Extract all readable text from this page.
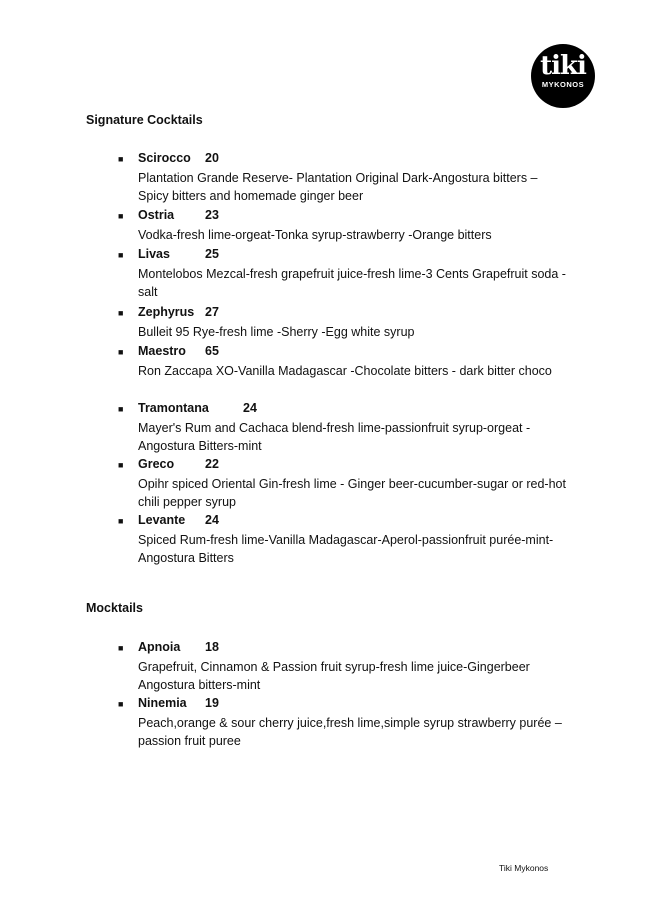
tiki
MYKONOS
Signature Cocktails
■ Scirocco 20
Plantation Grande Reserve- Plantation Original Dark-Angostura bitters –Spicy bitters and homemade ginger beer
■ Ostria 23
Vodka-fresh lime-orgeat-Tonka syrup-strawberry -Orange bitters
■ Livas	25
Montelobos Mezcal-fresh grapefruit juice-fresh lime-3 Cents Grapefruit soda -salt
■ Zephyrus 27
Bulleit 95 Rye-fresh lime -Sherry -Egg white syrup
■ Maestro 65
Ron Zaccapa XO-Vanilla Madagascar -Chocolate bitters - dark bitter choco
■ Tramontana	24
Mayer's Rum and Cachaca blend-fresh lime-passionfruit syrup-orgeat - Angostura Bitters-mint
■ Greco 22
Opihr spiced Oriental Gin-fresh lime - Ginger beer-cucumber-sugar or red-hot chili pepper syrup
■ Levante 24
Spiced Rum-fresh lime-Vanilla Madagascar-Aperol-passionfruit purée-mint-Angostura Bitters
Mocktails
■ Apnoia 18
Grapefruit, Cinnamon & Passion fruit syrup-fresh lime juice-Gingerbeer Angostura bitters-mint
■ Ninemia 19
Peach,orange & sour cherry juice,fresh lime,simple syrup strawberry purée –passion fruit puree
Tiki Mykonos
